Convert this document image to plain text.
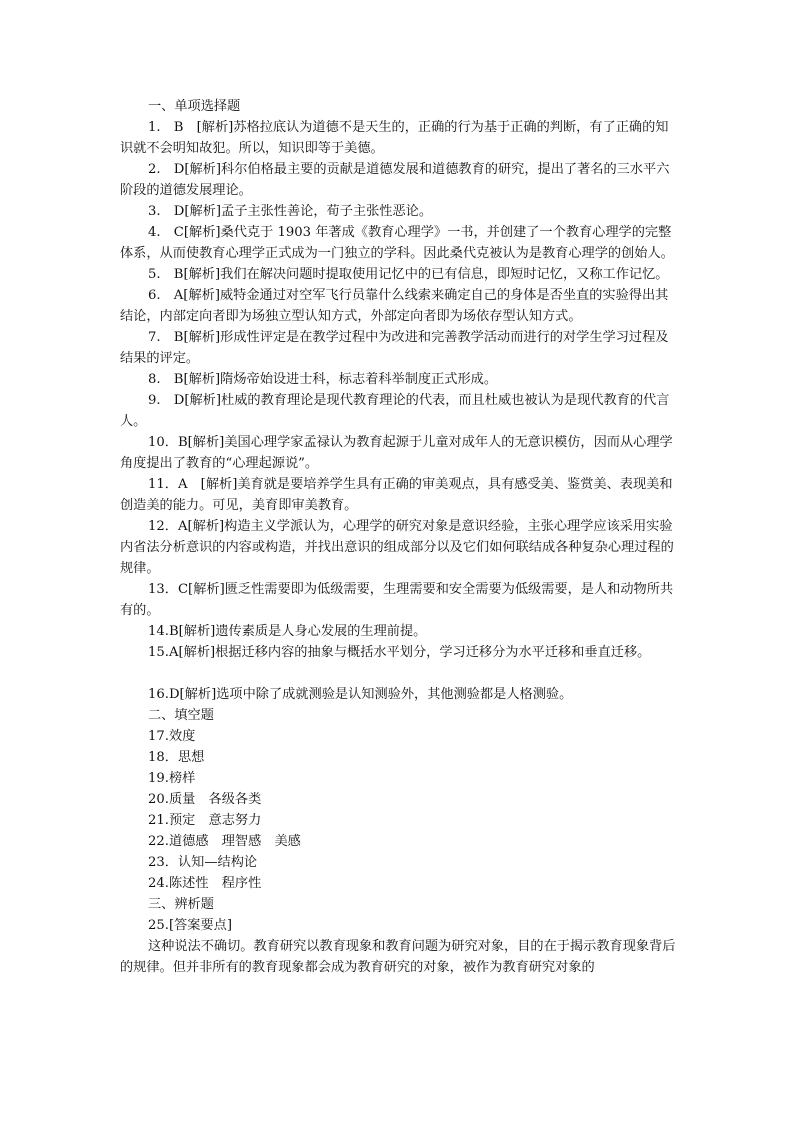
一、单项选择题

1.　B　[解析]苏格拉底认为道德不是天生的，正确的行为基于正确的判断，有了正确的知识就不会明知故犯。所以，知识即等于美德。

2.　D[解析]科尔伯格最主要的贡献是道德发展和道德教育的研究，提出了著名的三水平六阶段的道德发展理论。

3.　D[解析]孟子主张性善论，荀子主张性恶论。

4.　C[解析]桑代克于 1903 年著成《教育心理学》一书，并创建了一个教育心理学的完整体系，从而使教育心理学正式成为一门独立的学科。因此桑代克被认为是教育心理学的创始人。

5.　B[解析]我们在解决问题时提取使用记忆中的已有信息，即短时记忆，又称工作记忆。

6.　A[解析]威特金通过对空军飞行员靠什么线索来确定自己的身体是否坐直的实验得出其结论，内部定向者即为场独立型认知方式，外部定向者即为场依存型认知方式。

7.　B[解析]形成性评定是在教学过程中为改进和完善教学活动而进行的对学生学习过程及结果的评定。

8.　B[解析]隋炀帝始设进士科，标志着科举制度正式形成。

9.　D[解析]杜威的教育理论是现代教育理论的代表，而且杜威也被认为是现代教育的代言人。

10．B[解析]美国心理学家孟禄认为教育起源于儿童对成年人的无意识模仿，因而从心理学角度提出了教育的“心理起源说”。

11．A　[解析]美育就是要培养学生具有正确的审美观点，具有感受美、鉴赏美、表现美和创造美的能力。可见，美育即审美教育。

12．A[解析]构造主义学派认为，心理学的研究对象是意识经验，主张心理学应该采用实验内省法分析意识的内容或构造，并找出意识的组成部分以及它们如何联结成各种复杂心理过程的规律。

13．C[解析]匮乏性需要即为低级需要，生理需要和安全需要为低级需要，是人和动物所共有的。

14.B[解析]遗传素质是人身心发展的生理前提。

15.A[解析]根据迁移内容的抽象与概括水平划分，学习迁移分为水平迁移和垂直迁移。

16.D[解析]选项中除了成就测验是认知测验外，其他测验都是人格测验。

二、填空题

17.效度

18．思想

19.榜样

20.质量　各级各类

21.预定　意志努力

22.道德感　理智感　美感

23．认知—结构论

24.陈述性　程序性

三、辨析题

25.[答案要点]

这种说法不确切。教育研究以教育现象和教育问题为研究对象，目的在于揭示教育现象背后的规律。但并非所有的教育现象都会成为教育研究的对象，被作为教育研究对象的
